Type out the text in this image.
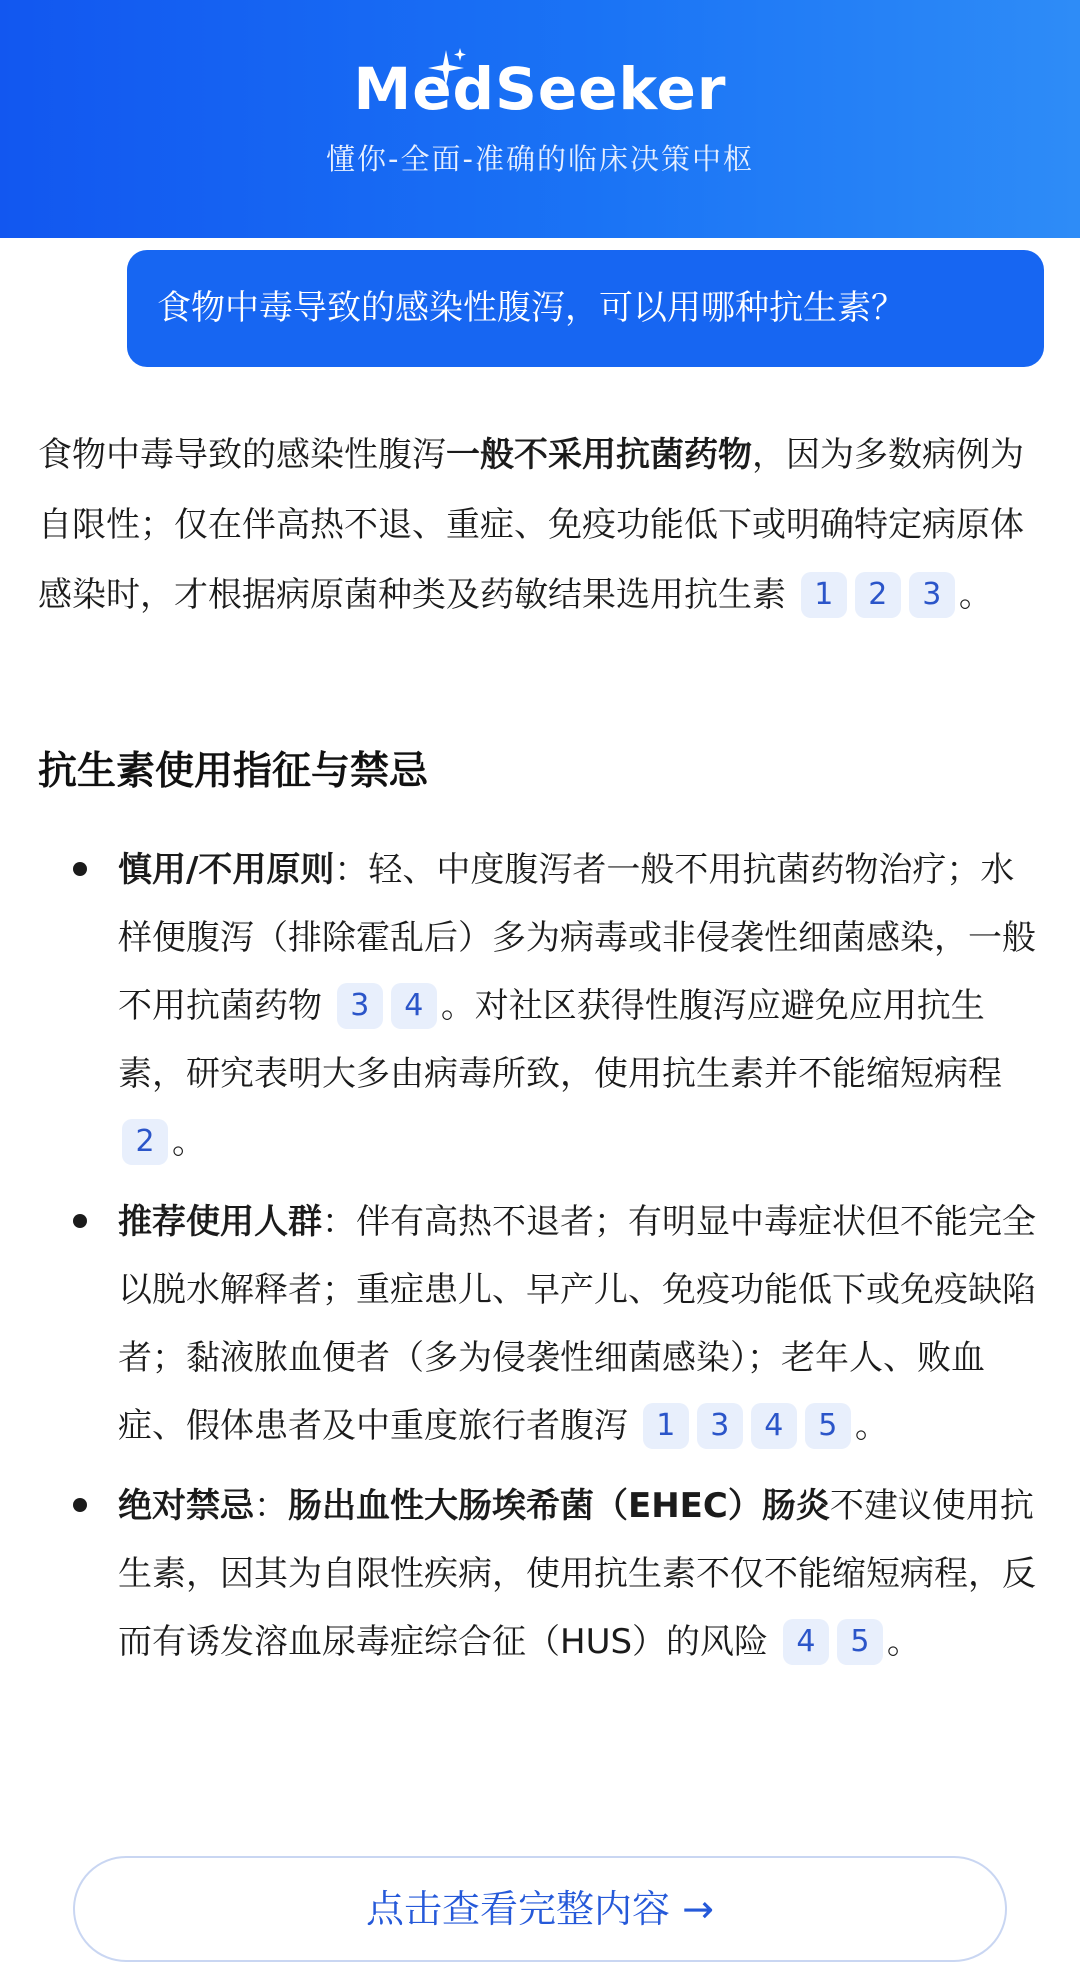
MedSeeker
懂你-全面-准确的临床决策中枢
食物中毒导致的感染性腹泻，可以用哪种抗生素？
食物中毒导致的感染性腹泻一般不采用抗菌药物，因为多数病例为自限性；仅在伴高热不退、重症、免疫功能低下或明确特定病原体感染时，才根据病原菌种类及药敏结果选用抗生素 1 2 3 。
抗生素使用指征与禁忌
慎用/不用原则：轻、中度腹泻者一般不用抗菌药物治疗；水样便腹泻（排除霍乱后）多为病毒或非侵袭性细菌感染，一般不用抗菌药物 3 4 。对社区获得性腹泻应避免应用抗生素，研究表明大多由病毒所致，使用抗生素并不能缩短病程 2 。
推荐使用人群：伴有高热不退者；有明显中毒症状但不能完全以脱水解释者；重症患儿、早产儿、免疫功能低下或免疫缺陷者；黏液脓血便者（多为侵袭性细菌感染）；老年人、败血症、假体患者及中重度旅行者腹泻 1 3 4 5 。
绝对禁忌：肠出血性大肠埃希菌（EHEC）肠炎不建议使用抗生素，因其为自限性疾病，使用抗生素不仅不能缩短病程，反而有诱发溶血尿毒症综合征（HUS）的风险 4 5 。
点击查看完整内容 →
